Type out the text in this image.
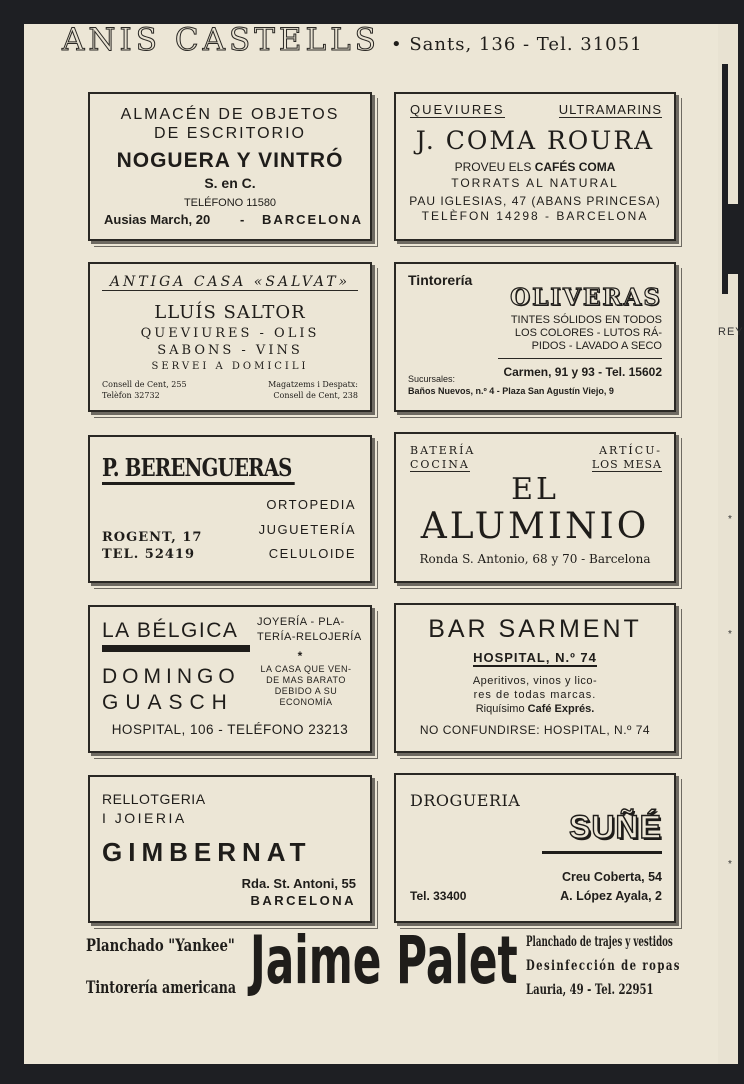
REY
*
*
*
ANIS CASTELLS • Sants, 136 - Tel. 31051
ALMACÉN DE OBJETOS
DE ESCRITORIO
NOGUERA Y VINTRÓ
S. en C.
TELÉFONO 11580
Ausias March, 20 - BARCELONA
QUEVIURES	ULTRAMARINS
J. COMA ROURA
PROVEU ELS CAFÉS COMA
TORRATS AL NATURAL
PAU IGLESIAS, 47 (ABANS PRINCESA)
TELÈFON 14298 - BARCELONA
ANTIGA CASA «SALVAT»
LLUÍS SALTOR
QUEVIURES - OLIS
SABONS - VINS
SERVEI A DOMICILI
Consell de Cent, 255
Telèfon 32732
Magatzems i Despatx:
Consell de Cent, 238
Tintorería
OLIVERAS
TINTES SÓLIDOS EN TODOS
LOS COLORES - LUTOS RÁ-
PIDOS - LAVADO A SECO
Sucursales:	Carmen, 91 y 93 - Tel. 15602
Baños Nuevos, n.º 4 - Plaza San Agustín Viejo, 9
P. BERENGUERAS
ORTOPEDIA
JUGUETERÍA
CELULOIDE
ROGENT, 17
TEL. 52419
BATERÍA
COCINA
ARTÍCU-
LOS MESA
EL
ALUMINIO
Ronda S. Antonio, 68 y 70 - Barcelona
LA BÉLGICA JOYERÍA - PLA-
TERÍA-RELOJERÍA
*
DOMINGO
GUASCH
LA CASA QUE VEN-
DE MAS BARATO
DEBIDO A SU
ECONOMÍA
HOSPITAL, 106 - TELÉFONO 23213
BAR SARMENT
HOSPITAL, N.º 74
Aperitivos, vinos y lico-
res de todas marcas.
Riquísimo Café Exprés.
NO CONFUNDIRSE: HOSPITAL, N.º 74
RELLOTGERIA
I JOIERIA
GIMBERNAT
Rda. St. Antoni, 55
BARCELONA
DROGUERIA
SUÑÉ
Creu Coberta, 54
Tel. 33400	A. López Ayala, 2
Planchado "Yankee"
Tintorería americana Jaime Palet Planchado de trajes y vestidos
Desinfección de ropas
Lauria, 49 - Tel. 22951
